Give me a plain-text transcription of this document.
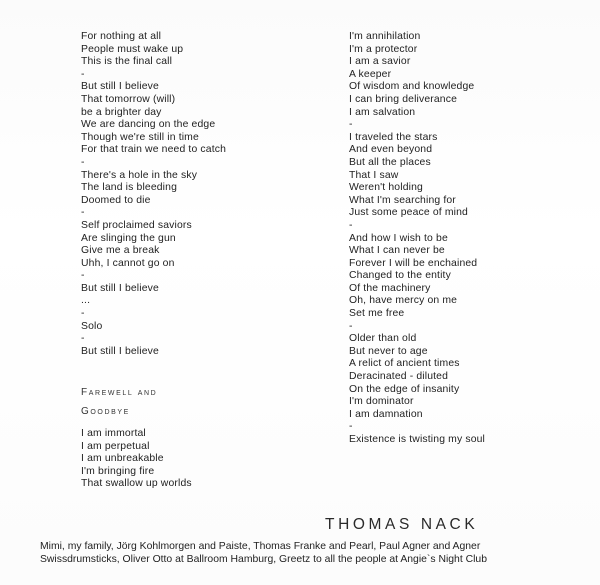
For nothing at all
People must wake up
This is the final call
-
But still I believe
That tomorrow (will)
be a brighter day
We are dancing on the edge
Though we're still in time
For that train we need to catch
-
There's a hole in the sky
The land is bleeding
Doomed to die
-
Self proclaimed saviors
Are slinging the gun
Give me a break
Uhh, I cannot go on
-
But still I believe
...
-
Solo
-
But still I believe
Farewell and
Goodbye
I am immortal
I am perpetual
I am unbreakable
I'm bringing fire
That swallow up worlds
I'm annihilation
I'm a protector
I am a savior
A keeper
Of wisdom and knowledge
I can bring deliverance
I am salvation
-
I traveled the stars
And even beyond
But all the places
That I saw
Weren't holding
What I'm searching for
Just some peace of mind
-
And how I wish to be
What I can never be
Forever I will be enchained
Changed to the entity
Of the machinery
Oh, have mercy on me
Set me free
-
Older than old
But never to age
A relict of ancient times
Deracinated - diluted
On the edge of insanity
I'm dominator
I am damnation
-
Existence is twisting my soul
THOMAS NACK
Mimi, my family, Jörg Kohlmorgen and Paiste, Thomas Franke and Pearl, Paul Agner and Agner
Swissdrumsticks, Oliver Otto at Ballroom Hamburg, Greetz to all the people at Angie`s Night Club
